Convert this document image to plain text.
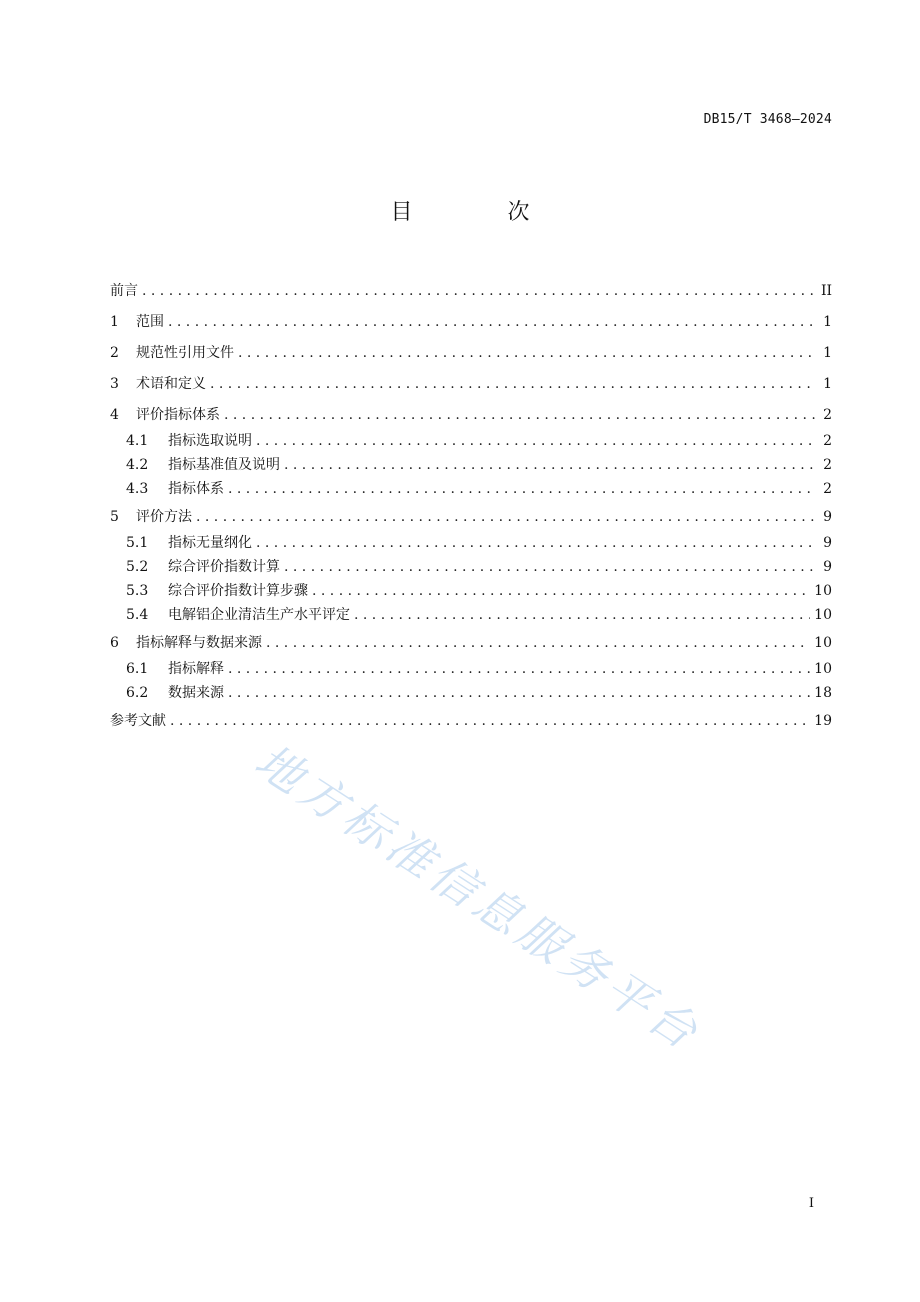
DB15/T 3468—2024
目 次
前言 . . .	II
1	范围 . . .	1
2	规范性引用文件 . . .	1
3	术语和定义 . . .	1
4	评价指标体系 . . .	2
4.1	指标选取说明 . . .	2
4.2	指标基准值及说明 . . .	2
4.3	指标体系 . . .	2
5	评价方法 . . .	9
5.1	指标无量纲化 . . .	9
5.2	综合评价指数计算 . . .	9
5.3	综合评价指数计算步骤 . . .	10
5.4	电解铝企业清洁生产水平评定 . . .	10
6	指标解释与数据来源 . . .	10
6.1	指标解释 . . .	10
6.2	数据来源 . . .	18
参考文献 . . .	19
地方标准信息服务平台
I
